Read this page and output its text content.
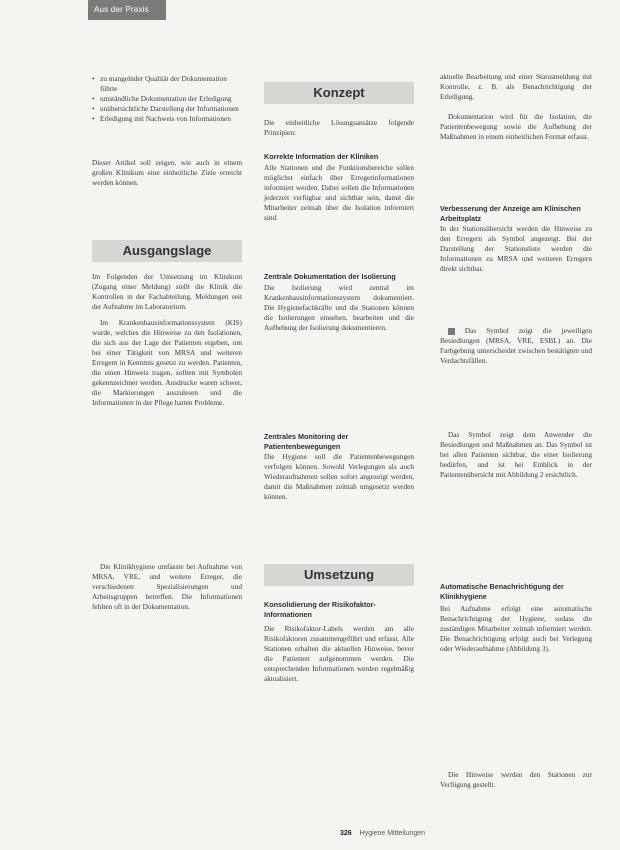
Aus der Praxis
• zu mangelnder Qualität der Dokumentation führte
• umständliche Dokumentation der Erledigung
• unübersichtliche Darstellung der Informationen
• Erledigung mit Nachweis von Informationen
Dieser Artikel soll zeigen, wie auch in einem großen Klinikum eine einheitliche Ziele erreicht werden können.
Ausgangslage
Im Folgenden der Umsetzung im Klinikum (Zugang einer Meldung) stellt die Klinik die Kontrollen in der Fachabteilung, Meldungen seit der Aufnahme im Laboratorium.
Im Krankenhausinformationssystem (KIS) wurde, welches die Hinweise zu den Isolationen, die sich aus der Lage der Patienten ergeben, um bei einer Tätigkeit von MRSA und weiteren Erregern in Kenntnis gesetzt zu werden. Patienten, die einen Hinweis tragen, sollten mit Symbolen gekennzeichnet werden. Ausdrucke waren schwer, die Markierungen auszulesen und die Informationen in der Pflege hatten Probleme.
Die Klinikhygiene umfasste bei Aufnahme von MRSA, VRE, und weitere Erreger, die verschiedenen Spezialisierungen und Arbeitsgruppen betreffen. Die Informationen fehlten oft in der Dokumentation.
Konzept
Die einheitliche Lösungsansätze folgende Prinzipien:
Korrekte Information der Kliniken
Alle Stationen und die Funktionsbereiche sollen möglichst einfach über Erregerinformationen informiert werden. Dabei sollen die Informationen jederzeit verfügbar und sichtbar sein, damit die Mitarbeiter zeitnah über die Isolation informiert sind.
Zentrale Dokumentation der Isolierung
Die Isolierung wird zentral im Krankenhausinformationssystem dokumentiert. Die Hygienefachkräfte und die Stationen können die Isolierungen einsehen, bearbeiten und die Aufhebung der Isolierung dokumentieren.
Zentrales Monitoring der Patientenbewegungen
Die Hygiene soll die Patientenbewegungen verfolgen können. Sowohl Verlegungen als auch Wiederaufnahmen sollen sofort angezeigt werden, damit die Maßnahmen zeitnah umgesetzt werden können.
Umsetzung
Konsolidierung der Risikofaktor-Informationen
Die Risikofaktor-Labels werden am alle Risikofaktoren zusammengeführt und erfasst. Alle Stationen erhalten die aktuellen Hinweise, bevor die Patienten aufgenommen werden. Die entsprechenden Informationen werden regelmäßig aktualisiert.
aktuelle Bearbeitung und einer Statusmeldung mit Kontrolle, z. B. als Benachrichtigung der Erledigung.
Dokumentation wird für die Isolation, die Patientenbewegung sowie die Aufhebung der Maßnahmen in einem einheitlichen Format erfasst.
Verbesserung der Anzeige am Klinischen Arbeitsplatz
In der Stationsübersicht werden die Hinweise zu den Erregern als Symbol angezeigt. Bei der Darstellung der Stationsliste werden die Informationen zu MRSA und weiteren Erregern direkt sichtbar.
1 Das Symbol zeigt die jeweiligen Besiedlungen (MRSA, VRE, ESBL) an. Die Farbgebung unterscheidet zwischen bestätigten und Verdachtsfällen.
Das Symbol zeigt dem Anwender die Besiedlungen und Maßnahmen an. Das Symbol ist bei allen Patienten sichtbar, die einer Isolierung bedürfen, und ist bei Einblick in der Patientenübersicht mit Abbildung 2 ersichtlich.
Automatische Benachrichtigung der Klinikhygiene
Bei Aufnahme erfolgt eine automatische Benachrichtigung der Hygiene, sodass die zuständigen Mitarbeiter zeitnah informiert werden. Die Benachrichtigung erfolgt auch bei Verlegung oder Wiederaufnahme (Abbildung 3).
Die Hinweise werden den Stationen zur Verfügung gestellt.
326 Hygiene Mitteilungen
